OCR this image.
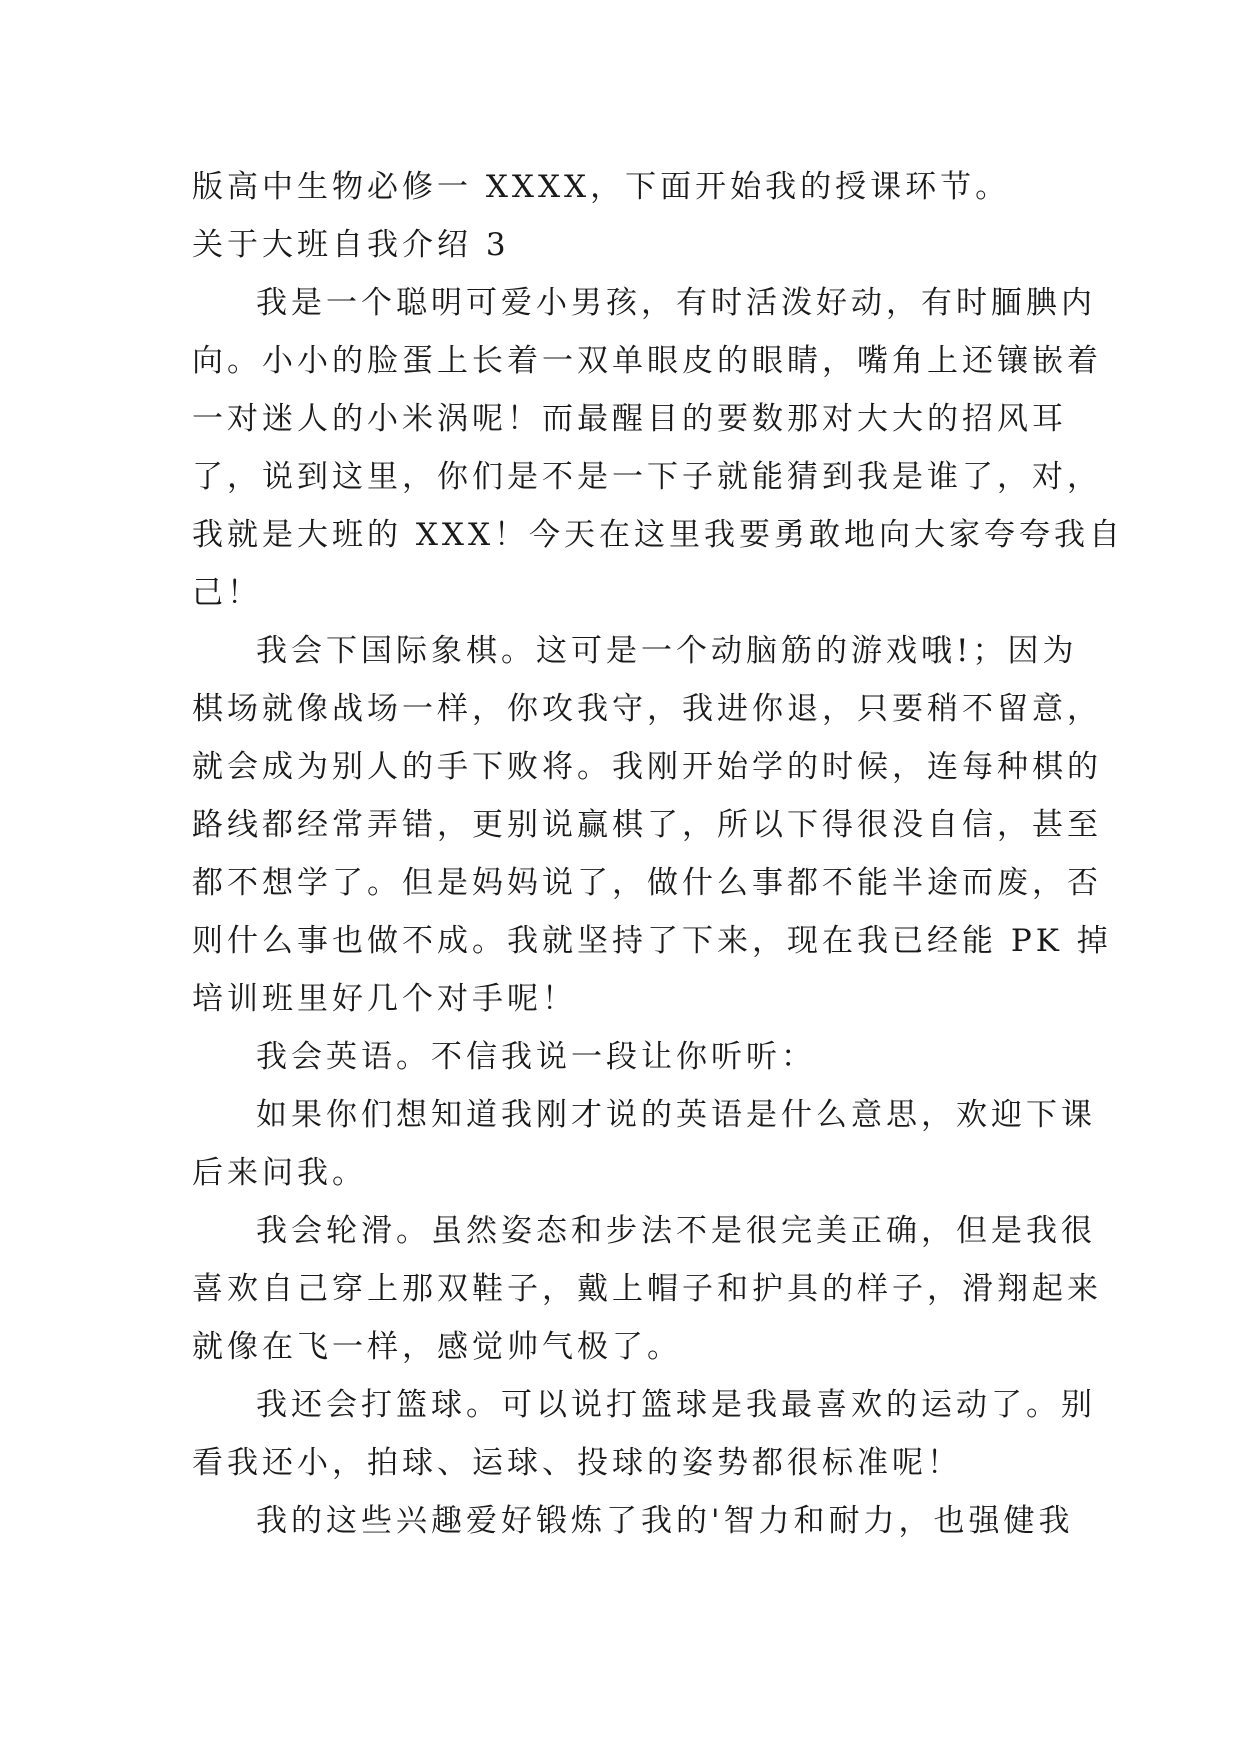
版高中生物必修一 XXXX，下面开始我的授课环节。
关于大班自我介绍 3
我是一个聪明可爱小男孩，有时活泼好动，有时腼腆内
向。小小的脸蛋上长着一双单眼皮的眼睛，嘴角上还镶嵌着
一对迷人的小米涡呢！而最醒目的要数那对大大的招风耳
了，说到这里，你们是不是一下子就能猜到我是谁了，对，
我就是大班的 XXX！今天在这里我要勇敢地向大家夸夸我自
己！
我会下国际象棋。这可是一个动脑筋的游戏哦!；因为
棋场就像战场一样，你攻我守，我进你退，只要稍不留意，
就会成为别人的手下败将。我刚开始学的时候，连每种棋的
路线都经常弄错，更别说赢棋了，所以下得很没自信，甚至
都不想学了。但是妈妈说了，做什么事都不能半途而废，否
则什么事也做不成。我就坚持了下来，现在我已经能 PK 掉
培训班里好几个对手呢！
我会英语。不信我说一段让你听听：
如果你们想知道我刚才说的英语是什么意思，欢迎下课
后来问我。
我会轮滑。虽然姿态和步法不是很完美正确，但是我很
喜欢自己穿上那双鞋子，戴上帽子和护具的样子，滑翔起来
就像在飞一样，感觉帅气极了。
我还会打篮球。可以说打篮球是我最喜欢的运动了。别
看我还小，拍球、运球、投球的姿势都很标准呢！
我的这些兴趣爱好锻炼了我的'智力和耐力，也强健我
